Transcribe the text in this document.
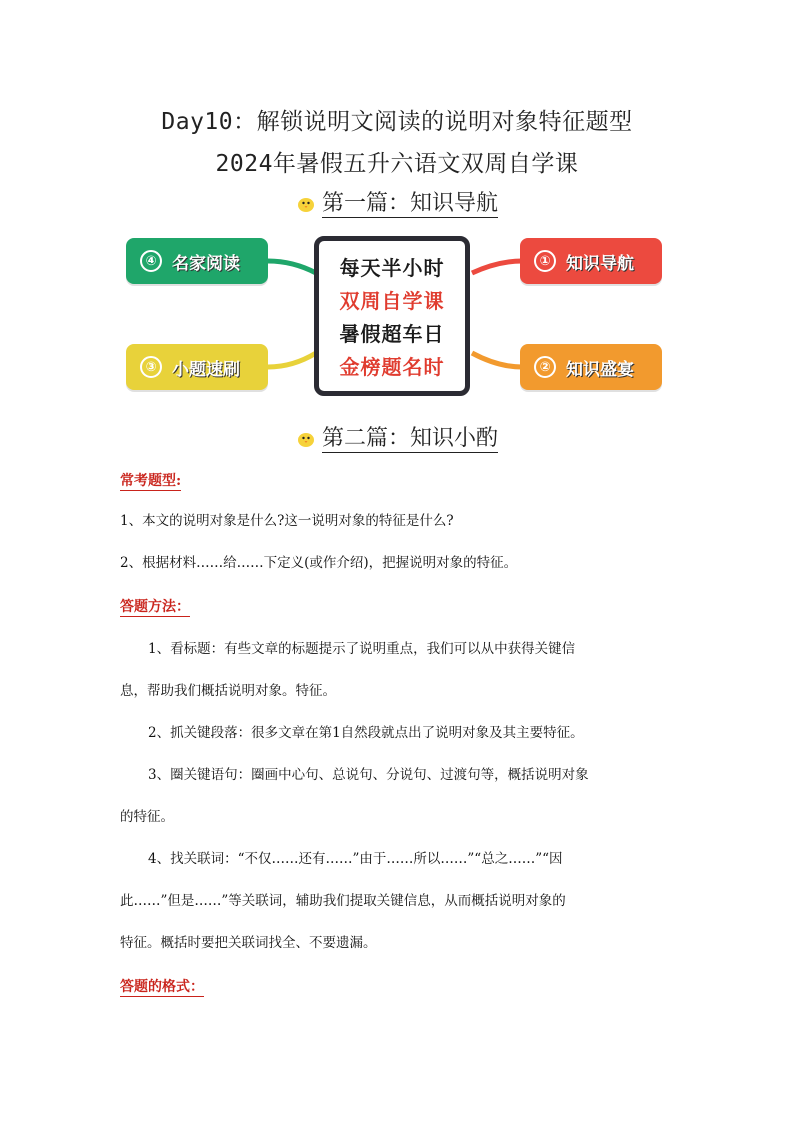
Day10：解锁说明文阅读的说明对象特征题型
2024年暑假五升六语文双周自学课
第一篇：知识导航
每天半小时
双周自学课
暑假超车日
金榜题名时
① 知识导航
② 知识盛宴
③ 小题速刷
④ 名家阅读
第二篇：知识小酌
常考题型:
1、本文的说明对象是什么?这一说明对象的特征是什么?
2、根据材料……给……下定义(或作介绍)，把握说明对象的特征。
答题方法：
1、看标题：有些文章的标题提示了说明重点，我们可以从中获得关键信
息，帮助我们概括说明对象。特征。
2、抓关键段落：很多文章在第1自然段就点出了说明对象及其主要特征。
3、圈关键语句：圈画中心句、总说句、分说句、过渡句等，概括说明对象
的特征。
4、找关联词：“不仅……还有……”由于……所以……”“总之……”“因
此……”但是……”等关联词，辅助我们提取关键信息，从而概括说明对象的
特征。概括时要把关联词找全、不要遗漏。
答题的格式：
